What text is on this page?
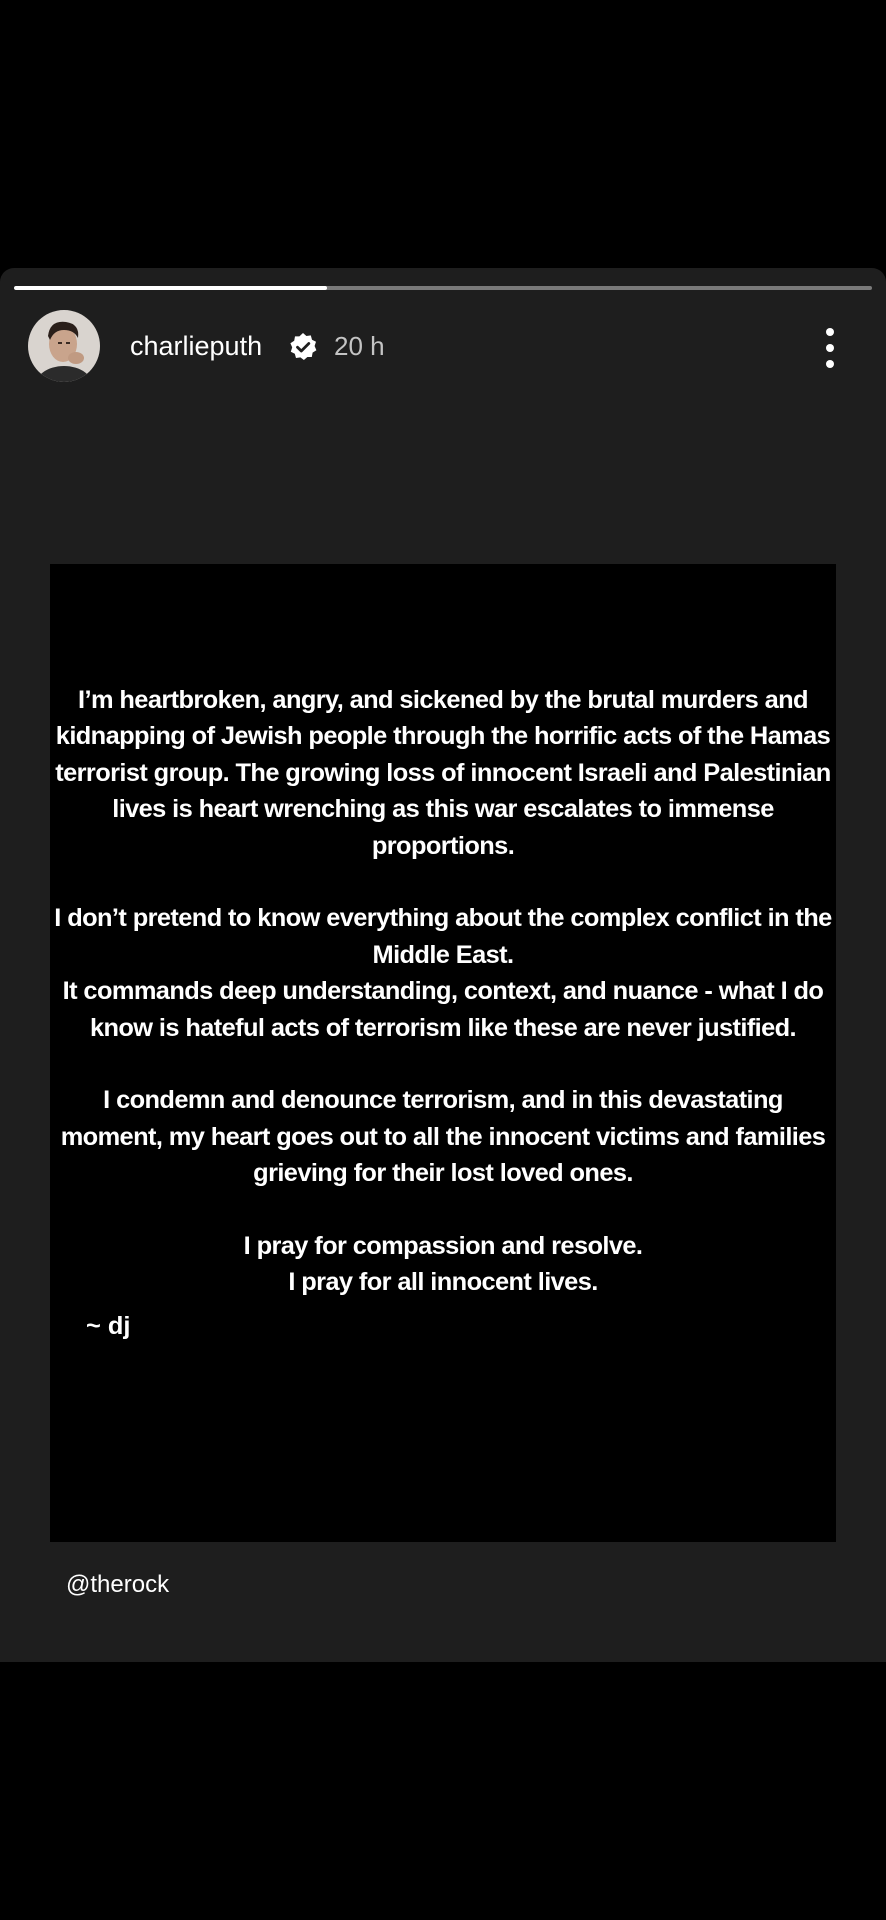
charlieputh	20 h

I’m heartbroken, angry, and sickened by the brutal murders and kidnapping of Jewish people through the horrific acts of the Hamas terrorist group. The growing loss of innocent Israeli and Palestinian lives is heart wrenching as this war escalates to immense proportions.

I don’t pretend to know everything about the complex conflict in the Middle East.

It commands deep understanding, context, and nuance - what I do know is hateful acts of terrorism like these are never justified.

I condemn and denounce terrorism, and in this devastating moment, my heart goes out to all the innocent victims and families grieving for their lost loved ones.

I pray for compassion and resolve.
I pray for all innocent lives.
~ dj
@therock
